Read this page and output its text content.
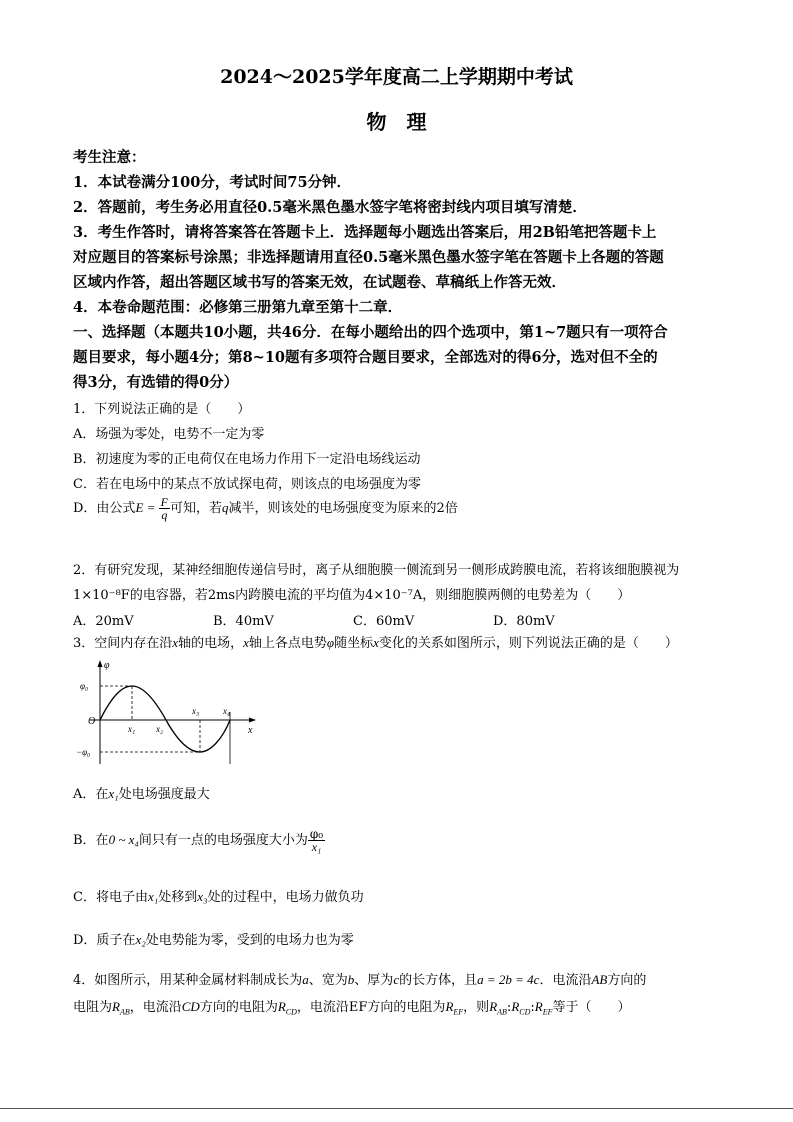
2024～2025学年度高二上学期期中考试
物　理
考生注意：
1．本试卷满分100分，考试时间75分钟．
2．答题前，考生务必用直径0.5毫米黑色墨水签字笔将密封线内项目填写清楚．
3．考生作答时，请将答案答在答题卡上．选择题每小题选出答案后，用2B铅笔把答题卡上
对应题目的答案标号涂黑；非选择题请用直径0.5毫米黑色墨水签字笔在答题卡上各题的答题
区域内作答，超出答题区域书写的答案无效，在试题卷、草稿纸上作答无效．
4．本卷命题范围：必修第三册第九章至第十二章．
一、选择题（本题共10小题，共46分．在每小题给出的四个选项中，第1~7题只有一项符合
题目要求，每小题4分；第8~10题有多项符合题目要求，全部选对的得6分，选对但不全的
得3分，有选错的得0分）
1．下列说法正确的是（　　）
A．场强为零处，电势不一定为零
B．初速度为零的正电荷仅在电场力作用下一定沿电场线运动
C．若在电场中的某点不放试探电荷，则该点的电场强度为零
D．由公式$E = \frac{F}{q}$ 可知，若q减半，则该处的电场强度变为原来的2倍
2．有研究发现，某神经细胞传递信号时，离子从细胞膜一侧流到另一侧形成跨膜电流，若将该细胞膜视为
1×10⁻⁸F的电容器，若2ms内跨膜电流的平均值为4×10⁻⁷A，则细胞膜两侧的电势差为（　　）
A．20mV	B．40mV	C．60mV	D．80mV
3．空间内存在沿x轴的电场，x轴上各点电势φ随坐标x变化的关系如图所示，则下列说法正确的是（　　）
φ
φ₀
−φ₀
O
x
x₁ x₂
x₃	x₄
A．在x₁处电场强度最大
B．在0 ~ x₄间只有一点的电场强度大小为 $\frac{\text{φ₀}}{\text{x₁}}$
C．将电子由x₁处移到x₃处的过程中，电场力做负功
D．质子在x₂处电势能为零，受到的电场力也为零
4．如图所示，用某种金属材料制成长为a、宽为b、厚为c的长方体，且a = 2b = 4c．电流沿AB方向的
电阻为$R_{AB}$，电流沿CD方向的电阻为$R_{CD}$，电流沿EF方向的电阻为$R_{EF}$，则$R_{AB}:R_{CD}:R_{EF}$等于（　　）
